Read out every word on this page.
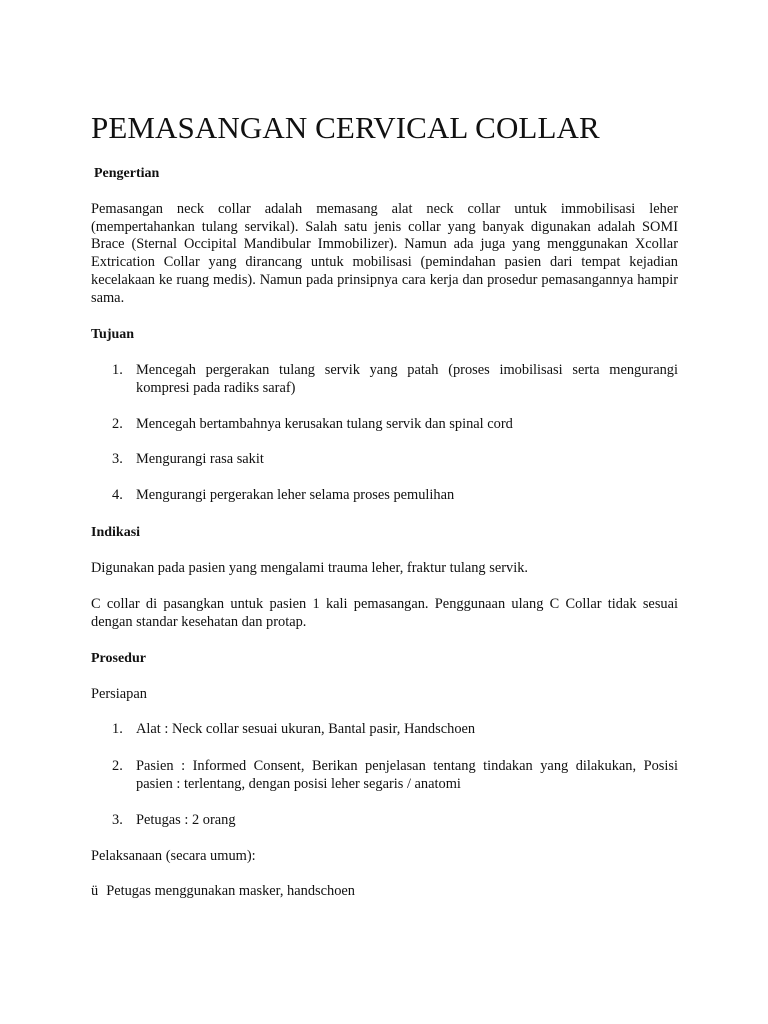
PEMASANGAN CERVICAL COLLAR
Pengertian

Pemasangan neck collar adalah memasang alat neck collar untuk immobilisasi leher (mempertahankan tulang servikal). Salah satu jenis collar yang banyak digunakan adalah SOMI Brace (Sternal Occipital Mandibular Immobilizer). Namun ada juga yang menggunakan Xcollar Extrication Collar yang dirancang untuk mobilisasi (pemindahan pasien dari tempat kejadian kecelakaan ke ruang medis). Namun pada prinsipnya cara kerja dan prosedur pemasangannya hampir sama.

Tujuan
1. Mencegah pergerakan tulang servik yang patah (proses imobilisasi serta mengurangi kompresi pada radiks saraf)
2. Mencegah bertambahnya kerusakan tulang servik dan spinal cord
3. Mengurangi rasa sakit
4. Mengurangi pergerakan leher selama proses pemulihan
Indikasi

Digunakan pada pasien yang mengalami trauma leher, fraktur tulang servik.

C collar di pasangkan untuk pasien 1 kali pemasangan. Penggunaan ulang C Collar tidak sesuai dengan standar kesehatan dan protap.

Prosedur

Persiapan

1. Alat : Neck collar sesuai ukuran, Bantal pasir, Handschoen
2. Pasien : Informed Consent, Berikan penjelasan tentang tindakan yang dilakukan, Posisi pasien : terlentang, dengan posisi leher segaris / anatomi
3. Petugas : 2 orang

Pelaksanaan (secara umum):

ü Petugas menggunakan masker, handschoen
